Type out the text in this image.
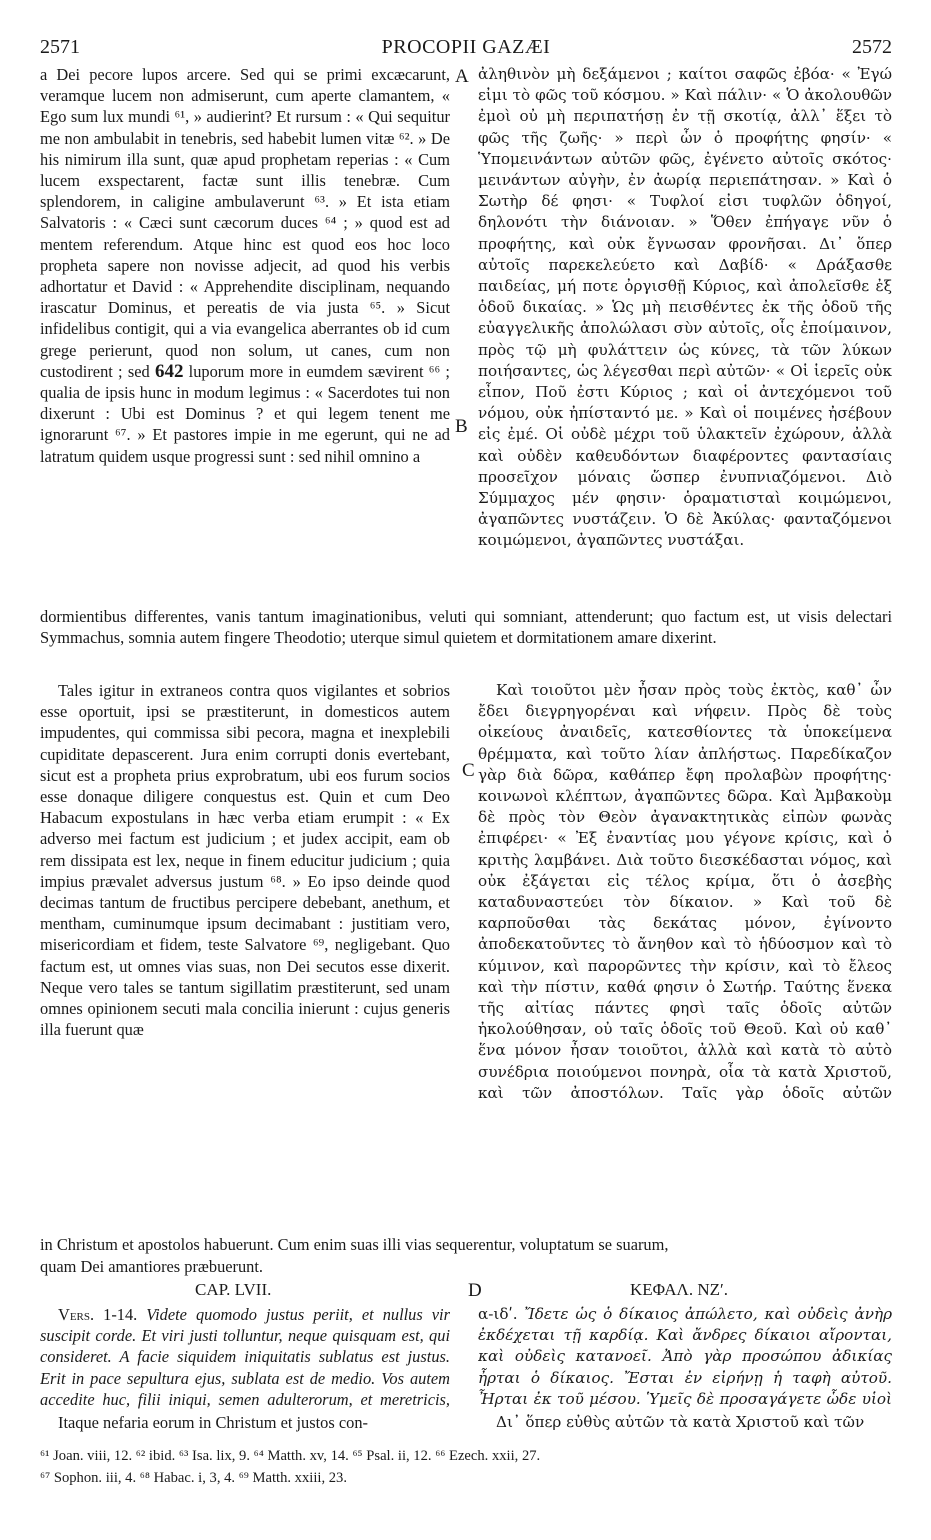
2571	PROCOPII GAZÆI	2572
A
B
C
D

a Dei pecore lupos arcere. Sed qui se primi excæcarunt, veramque lucem non admiserunt, cum aperte clamantem, « Ego sum lux mundi ⁶¹, » audierint? Et rursum : « Qui sequitur me non ambulabit in tenebris, sed habebit lumen vitæ ⁶². » De his nimirum illa sunt, quæ apud prophetam reperias : « Cum lucem exspectarent, factæ sunt illis tenebræ. Cum splendorem, in caligine ambulaverunt ⁶³. » Et ista etiam Salvatoris : « Cæci sunt cæcorum duces ⁶⁴ ; » quod est ad mentem referendum. Atque hinc est quod eos hoc loco propheta sapere non novisse adjecit, ad quod his verbis adhortatur et David : « Apprehendite disciplinam, nequando irascatur Dominus, et pereatis de via justa ⁶⁵. » Sicut infidelibus contigit, qui a via evangelica aberrantes ob id cum grege perierunt, quod non solum, ut canes, cum non custodirent ; sed 642 luporum more in eumdem sævirent ⁶⁶ ; qualia de ipsis hunc in modum legimus : « Sacerdotes tui non dixerunt : Ubi est Dominus ? et qui legem tenent me ignorarunt ⁶⁷. » Et pastores impie in me egerunt, qui ne ad latratum quidem usque progressi sunt : sed nihil omnino a

ἀληθινὸν μὴ δεξάμενοι ; καίτοι σαφῶς ἐβόα· « Ἐγώ εἰμι τὸ φῶς τοῦ κόσμου. » Καὶ πάλιν· « Ὁ ἀκολουθῶν ἐμοὶ οὐ μὴ περιπατήσῃ ἐν τῇ σκοτίᾳ, ἀλλ᾽ ἕξει τὸ φῶς τῆς ζωῆς· » περὶ ὧν ὁ προφήτης φησίν· « Ὑπομεινάντων αὐτῶν φῶς, ἐγένετο αὐτοῖς σκότος· μεινάντων αὐγὴν, ἐν ἀωρίᾳ περιεπάτησαν. » Καὶ ὁ Σωτὴρ δέ φησι· « Τυφλοί εἰσι τυφλῶν ὁδηγοί, δηλονότι τὴν διάνοιαν. » Ὅθεν ἐπήγαγε νῦν ὁ προφήτης, καὶ οὐκ ἔγνωσαν φρονῆσαι. Δι᾽ ὅπερ αὐτοῖς παρεκελεύετο καὶ Δαβίδ· « Δράξασθε παιδείας, μή ποτε ὀργισθῇ Κύριος, καὶ ἀπολεῖσθε ἐξ ὁδοῦ δικαίας. » Ὡς μὴ πεισθέντες ἐκ τῆς ὁδοῦ τῆς εὐαγγελικῆς ἀπολώλασι σὺν αὐτοῖς, οἷς ἐποίμαινον, πρὸς τῷ μὴ φυλάττειν ὡς κύνες, τὰ τῶν λύκων ποιήσαντες, ὡς λέγεσθαι περὶ αὐτῶν· « Οἱ ἱερεῖς οὐκ εἶπον, Ποῦ ἐστι Κύριος ; καὶ οἱ ἀντεχόμενοι τοῦ νόμου, οὐκ ἠπίσταντό με. » Καὶ οἱ ποιμένες ἠσέβουν εἰς ἐμέ. Οἱ οὐδὲ μέχρι τοῦ ὑλακτεῖν ἐχώρουν, ἀλλὰ καὶ οὐδὲν καθευδόντων διαφέροντες φαντασίαις προσεῖχον μόναις ὥσπερ ἐνυπνιαζόμενοι. Διὸ Σύμμαχος μέν φησιν· ὁραματισταὶ κοιμώμενοι, ἀγαπῶντες νυστάζειν. Ὁ δὲ Ἀκύλας· φανταζόμενοι κοιμώμενοι, ἀγαπῶντες νυστάξαι.

dormientibus differentes, vanis tantum imaginationibus, veluti qui somniant, attenderunt; quo factum est, ut visis delectari Symmachus, somnia autem fingere Theodotio; uterque simul quietem et dormitationem amare dixerint.

Tales igitur in extraneos contra quos vigilantes et sobrios esse oportuit, ipsi se præstiterunt, in domesticos autem impudentes, qui commissa sibi pecora, magna et inexplebili cupiditate depascerent. Jura enim corrupti donis evertebant, sicut est a propheta prius exprobratum, ubi eos furum socios esse donaque diligere conquestus est. Quin et cum Deo Habacum expostulans in hæc verba etiam erumpit : « Ex adverso mei factum est judicium ; et judex accipit, eam ob rem dissipata est lex, neque in finem educitur judicium ; quia impius prævalet adversus justum ⁶⁸. » Eo ipso deinde quod decimas tantum de fructibus percipere debebant, anethum, et mentham, cuminumque ipsum decimabant : justitiam vero, misericordiam et fidem, teste Salvatore ⁶⁹, negligebant. Quo factum est, ut omnes vias suas, non Dei secutos esse dixerit. Neque vero tales se tantum sigillatim præstiterunt, sed unam omnes opinionem secuti mala concilia inierunt : cujus generis illa fuerunt quæ

Καὶ τοιοῦτοι μὲν ἦσαν πρὸς τοὺς ἐκτὸς, καθ᾽ ὧν ἔδει διεγρηγορέναι καὶ νήφειν. Πρὸς δὲ τοὺς οἰκείους ἀναιδεῖς, κατεσθίοντες τὰ ὑποκείμενα θρέμματα, καὶ τοῦτο λίαν ἀπλήστως. Παρεδίκαζον γὰρ διὰ δῶρα, καθάπερ ἔφη προλαβὼν προφήτης· κοινωνοὶ κλέπτων, ἀγαπῶντες δῶρα. Καὶ Ἀμβακοὺμ δὲ πρὸς τὸν Θεὸν ἀγανακτητικὰς εἰπὼν φωνὰς ἐπιφέρει· « Ἐξ ἐναντίας μου γέγονε κρίσις, καὶ ὁ κριτὴς λαμβάνει. Διὰ τοῦτο διεσκέδασται νόμος, καὶ οὐκ ἐξάγεται εἰς τέλος κρίμα, ὅτι ὁ ἀσεβὴς καταδυναστεύει τὸν δίκαιον. » Καὶ τοῦ δὲ καρποῦσθαι τὰς δεκάτας μόνον, ἐγίνοντο ἀποδεκατοῦντες τὸ ἄνηθον καὶ τὸ ἡδύοσμον καὶ τὸ κύμινον, καὶ παρορῶντες τὴν κρίσιν, καὶ τὸ ἔλεος καὶ τὴν πίστιν, καθά φησιν ὁ Σωτήρ. Ταύτης ἕνεκα τῆς αἰτίας πάντες φησὶ ταῖς ὁδοῖς αὐτῶν ἠκολούθησαν, οὐ ταῖς ὁδοῖς τοῦ Θεοῦ. Καὶ οὐ καθ᾽ ἕνα μόνον ἦσαν τοιοῦτοι, ἀλλὰ καὶ κατὰ τὸ αὐτὸ συνέδρια ποιούμενοι πονηρὰ, οἷα τὰ κατὰ Χριστοῦ, καὶ τῶν ἀποστόλων. Ταῖς γὰρ ὁδοῖς αὐτῶν

in Christum et apostolos habuerunt. Cum enim suas illi vias sequerentur, voluptatum se suarum,
quam Dei amantiores præbuerunt.
CAP. LVII.	ΚΕΦΑΛ. ΝΖʹ.

Vers. 1-14. Videte quomodo justus periit, et nullus vir suscipit corde. Et viri justi tolluntur, neque quisquam est, qui consideret. A facie siquidem iniquitatis sublatus est justus. Erit in pace sepultura ejus, sublata est de medio. Vos autem accedite huc, filii iniqui, semen adulterorum, et meretricis,

Itaque nefaria eorum in Christum et justos con-

α-ιδʹ. Ἴδετε ὡς ὁ δίκαιος ἀπώλετο, καὶ οὐδεὶς ἀνὴρ ἐκδέχεται τῇ καρδίᾳ. Καὶ ἄνδρες δίκαιοι αἴρονται, καὶ οὐδεὶς κατανοεῖ. Ἀπὸ γὰρ προσώπου ἀδικίας ἦρται ὁ δίκαιος. Ἔσται ἐν εἰρήνῃ ἡ ταφὴ αὐτοῦ. Ἦρται ἐκ τοῦ μέσου. Ὑμεῖς δὲ προσαγάγετε ὧδε υἱοὶ

Δι᾽ ὅπερ εὐθὺς αὐτῶν τὰ κατὰ Χριστοῦ καὶ τῶν

⁶¹ Joan. viii, 12. ⁶² ibid. ⁶³ Isa. lix, 9. ⁶⁴ Matth. xv, 14. ⁶⁵ Psal. ii, 12. ⁶⁶ Ezech. xxii, 27.
⁶⁷ Sophon. iii, 4. ⁶⁸ Habac. i, 3, 4. ⁶⁹ Matth. xxiii, 23.
